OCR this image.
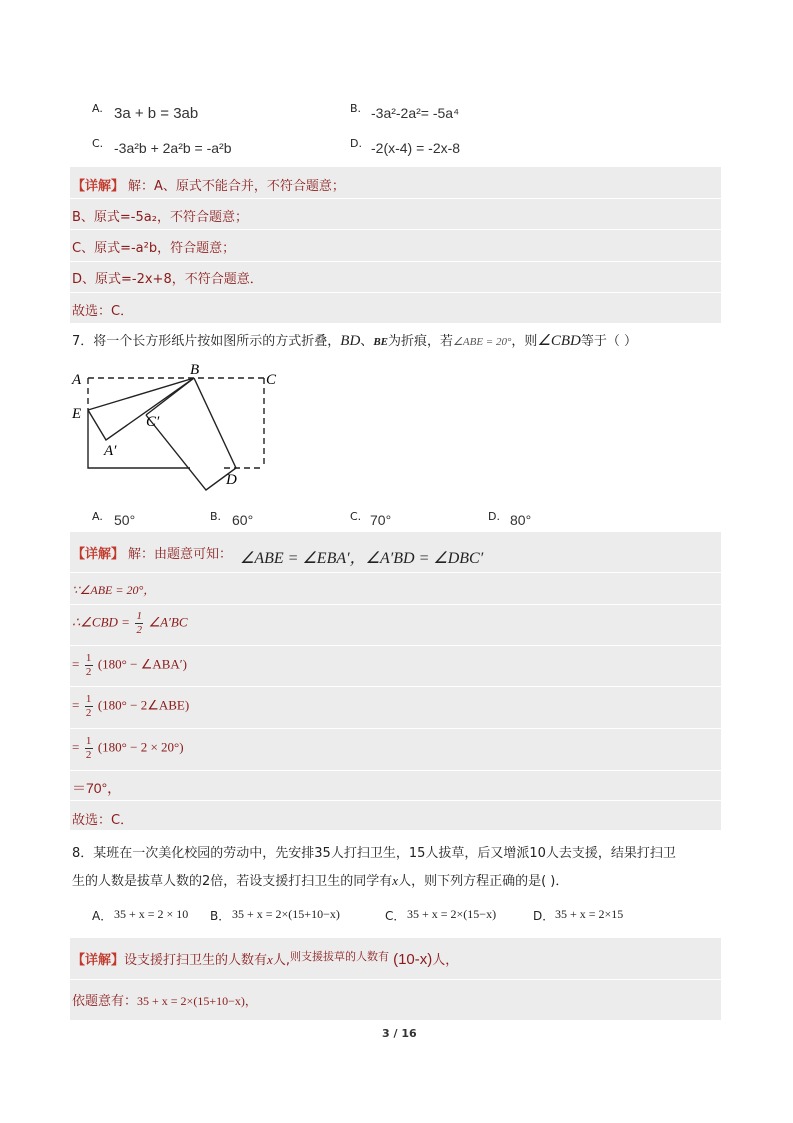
A. 3a + b = 3ab	B. -3a²-2a²= -5a⁴
C. -3a²b + 2a²b = -a²b	D. -2(x-4) = -2x-8
【详解】 解：A、原式不能合并，不符合题意；
B、原式=-5a₂，不符合题意；
C、原式=-a²b，符合题意；
D、原式=-2x+8，不符合题意．
故选：C．
7．将一个长方形纸片按如图所示的方式折叠，BD、BE为折痕，若∠ABE = 20°，则∠CBD等于（ ）
A
B
C
E
A′
C′
D
A. 50°	B. 60°	C. 70°	D. 80°
【详解】 解：由题意可知： ∠ABE = ∠EBA′，∠A′BD = ∠DBC′
∵∠ABE = 20°，
∴∠CBD = $\frac{1}{2}$ ∠A′BC
= $\frac{1}{2} (180^\circ$ − ∠ABA′)
= $\frac{1}{2} (180^\circ$ − 2∠ABE)
= $\frac{1}{2} (180^\circ - 2 \times 20^\circ)$
＝70°，
故选：C．
8．某班在一次美化校园的劳动中，先安排35人打扫卫生，15人拔草，后又增派10人去支援，结果打扫卫
生的人数是拔草人数的2倍，若设支援打扫卫生的同学有x人，则下列方程正确的是( )．
A． 35 + x = 2 × 10 B． 35 + x = 2×(15+10−x)	C． 35 + x = 2×(15−x)	D． 35 + x = 2×15
【详解】设支援打扫卫生的人数有x人,$^{则支援拔草的人数有}$ (10-x)人，
依题意有：35 + x = 2×(15+10−x)，
3 / 16
